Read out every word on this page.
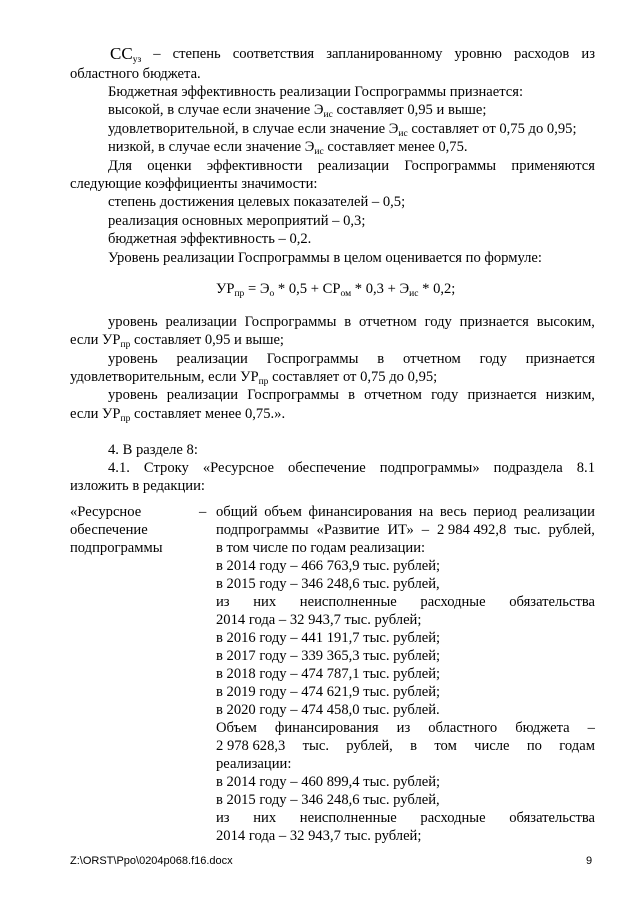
$СС_{уз}$ – степень соответствия запланированному уровню расходов из
областного бюджета.
Бюджетная эффективность реализации Госпрограммы признается:
высокой, в случае если значение $Э_{ис}$ составляет 0,95 и выше;
удовлетворительной, в случае если значение $Э_{ис}$ составляет от 0,75 до 0,95;
низкой, в случае если значение $Э_{ис}$ составляет менее 0,75.
Для оценки эффективности реализации Госпрограммы применяются
следующие коэффициенты значимости:
степень достижения целевых показателей – 0,5;
реализация основных мероприятий – 0,3;
бюджетная эффективность – 0,2.
Уровень реализации Госпрограммы в целом оценивается по формуле:
$УР_{пр} = Э_о * 0,5 + СР_{ом} * 0,3 + Э_{ис} * 0,2$;
уровень реализации Госпрограммы в отчетном году признается высоким,
если $УР_{пр}$ составляет 0,95 и выше;
уровень реализации Госпрограммы в отчетном году признается
удовлетворительным, если $УР_{пр}$ составляет от 0,75 до 0,95;
уровень реализации Госпрограммы в отчетном году признается низким,
если $УР_{пр}$ составляет менее 0,75.».
4. В разделе 8:
4.1. Строку «Ресурсное обеспечение подпрограммы» подраздела 8.1
изложить в редакции:
«Ресурсное
обеспечение
подпрограммы
– общий объем финансирования на весь период реализации
подпрограммы «Развитие ИТ» – 2 984 492,8 тыс. рублей,
в том числе по годам реализации:
в 2014 году – 466 763,9 тыс. рублей;
в 2015 году – 346 248,6 тыс. рублей,
из них неисполненные расходные обязательства
2014 года – 32 943,7 тыс. рублей;
в 2016 году – 441 191,7 тыс. рублей;
в 2017 году – 339 365,3 тыс. рублей;
в 2018 году – 474 787,1 тыс. рублей;
в 2019 году – 474 621,9 тыс. рублей;
в 2020 году – 474 458,0 тыс. рублей.
Объем финансирования из областного бюджета –
2 978 628,3 тыс. рублей, в том числе по годам
реализации:
в 2014 году – 460 899,4 тыс. рублей;
в 2015 году – 346 248,6 тыс. рублей,
из них неисполненные расходные обязательства
2014 года – 32 943,7 тыс. рублей;
Z:\ORST\Ppo\0204p068.f16.docx	9
